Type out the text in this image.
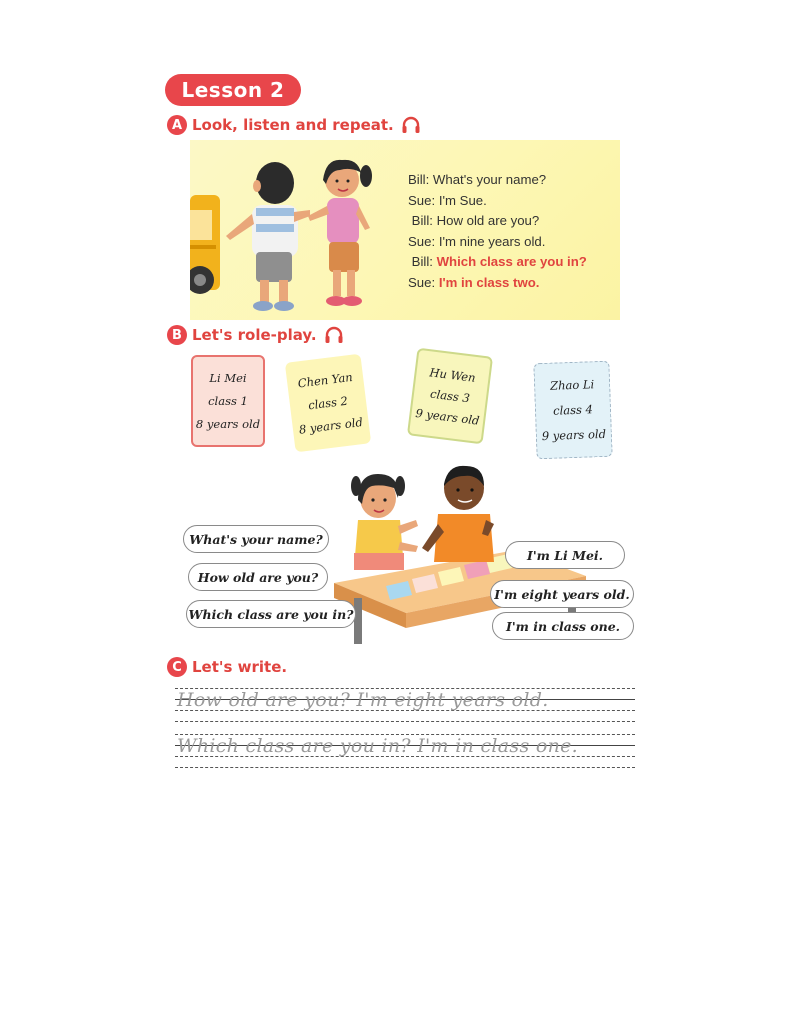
Lesson 2
A Look, listen and repeat.
Bill: What's your name?
Sue: I'm Sue.
Bill: How old are you?
Sue: I'm nine years old.
Bill: Which class are you in?
Sue: I'm in class two.
B Let's role-play.
Li Mei
class 1
8 years old
Chen Yan
class 2
8 years old
Hu Wen
class 3
9 years old
Zhao Li
class 4
9 years old
What's your name?
How old are you?
Which class are you in?
I'm Li Mei.
I'm eight years old.
I'm in class one.
C Let's write.
How old are you? I'm eight years old.
Which class are you in? I'm in class one.
